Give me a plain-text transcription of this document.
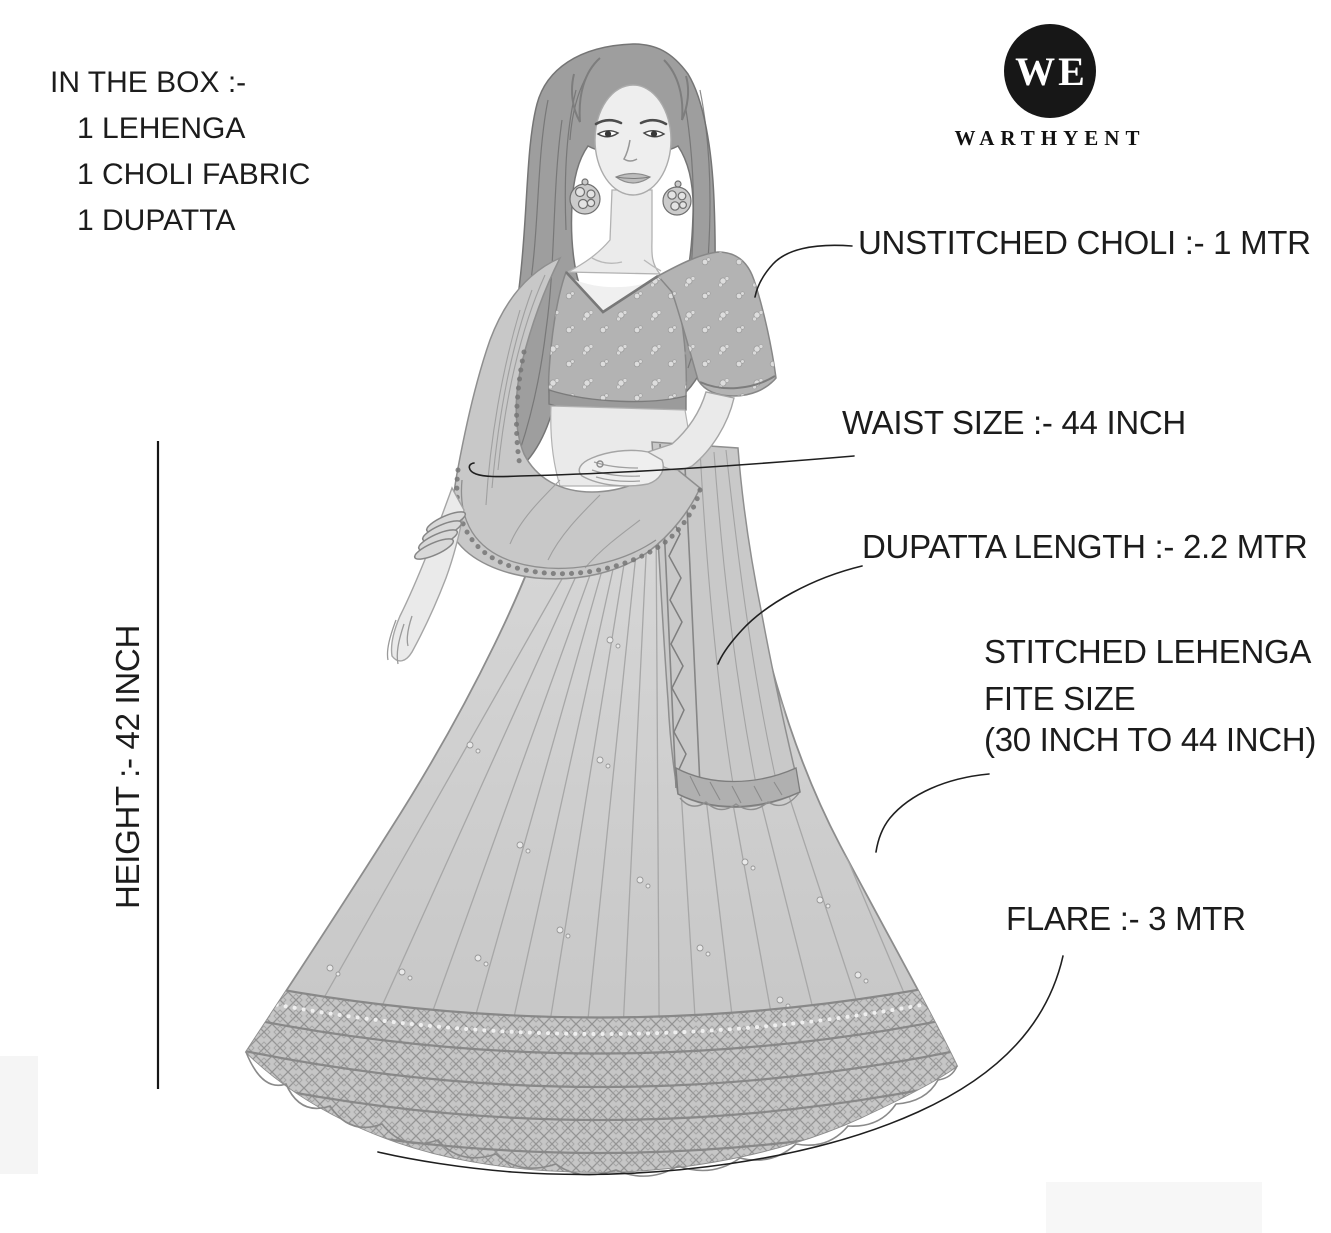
IN THE BOX :-
1 LEHENGA
1 CHOLI FABRIC
1 DUPATTA
WE
WARTHYENT
UNSTITCHED CHOLI :- 1 MTR
WAIST SIZE :- 44 INCH
DUPATTA LENGTH :- 2.2 MTR
STITCHED LEHENGA
FITE SIZE
(30 INCH TO 44 INCH)
FLARE :- 3 MTR
HEIGHT :- 42 INCH
